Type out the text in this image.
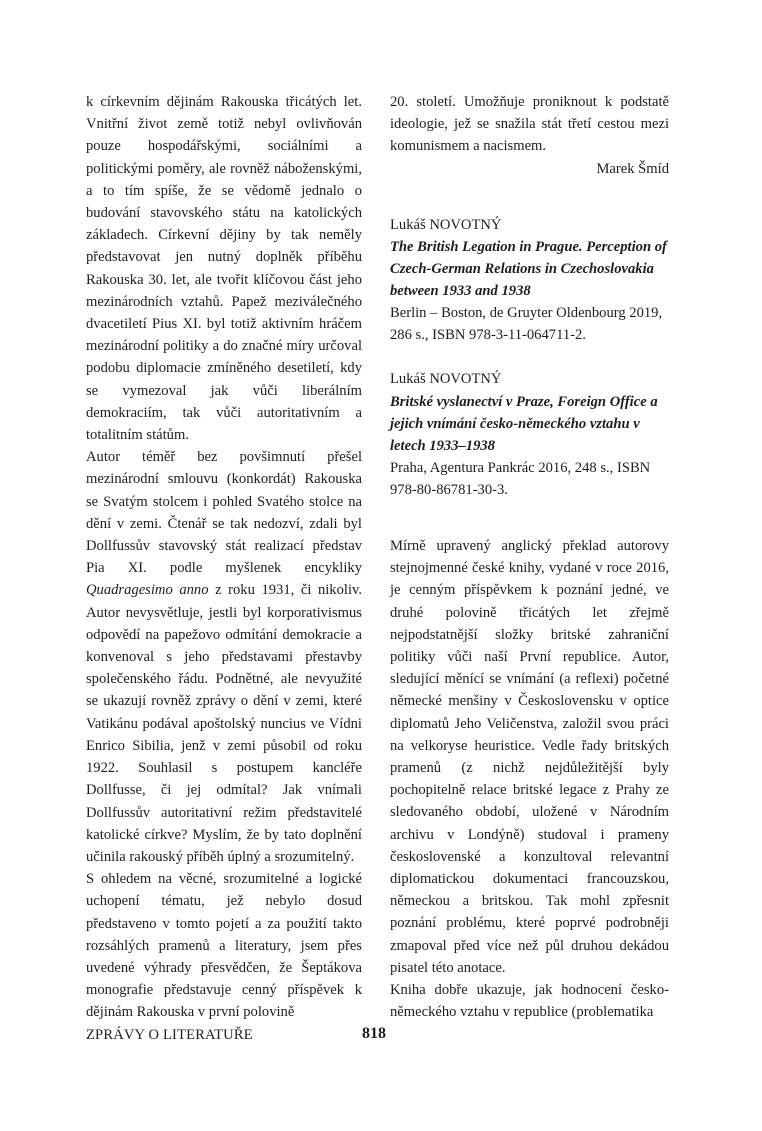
k církevním dějinám Rakouska třicátých let. Vnitřní život země totiž nebyl ovlivňován pouze hospodářskými, sociálními a politickými poměry, ale rovněž náboženskými, a to tím spíše, že se vědomě jednalo o budování stavovského státu na katolických základech. Církevní dějiny by tak neměly představovat jen nutný doplněk příběhu Rakouska 30. let, ale tvořit klíčovou část jeho mezinárodních vztahů. Papež meziválečného dvacetiletí Pius XI. byl totiž aktivním hráčem mezinárodní politiky a do značné míry určoval podobu diplomacie zmíněného desetiletí, kdy se vymezoval jak vůči liberálním demokraciím, tak vůči autoritativním a totalitním státům.

Autor téměř bez povšimnutí přešel mezinárodní smlouvu (konkordát) Rakouska se Svatým stolcem i pohled Svatého stolce na dění v zemi. Čtenář se tak nedozví, zdali byl Dollfussův stavovský stát realizací představ Pia XI. podle myšlenek encykliky Quadragesimo anno z roku 1931, či nikoliv. Autor nevysvětluje, jestli byl korporativismus odpovědí na papežovo odmítání demokracie a konvenoval s jeho představami přestavby společenského řádu. Podnětné, ale nevyužité se ukazují rovněž zprávy o dění v zemi, které Vatikánu podával apoštolský nuncius ve Vídni Enrico Sibilia, jenž v zemi působil od roku 1922. Souhlasil s postupem kancléře Dollfusse, či jej odmítal? Jak vnímali Dollfussův autoritativní režim představitelé katolické církve? Myslím, že by tato doplnění učinila rakouský příběh úplný a srozumitelný.

S ohledem na věcné, srozumitelné a logické uchopení tématu, jež nebylo dosud představeno v tomto pojetí a za použití takto rozsáhlých pramenů a literatury, jsem přes uvedené výhrady přesvědčen, že Šeptákova monografie představuje cenný příspěvek k dějinám Rakouska v první polovině

20. století. Umožňuje proniknout k podstatě ideologie, jež se snažila stát třetí cestou mezi komunismem a nacismem.

Marek Šmíd

Lukáš NOVOTNÝ
The British Legation in Prague. Perception of Czech-German Relations in Czechoslovakia between 1933 and 1938
Berlin – Boston, de Gruyter Oldenbourg 2019, 286 s., ISBN 978-3-11-064711-2.
Lukáš NOVOTNÝ
Britské vyslanectví v Praze, Foreign Office a jejich vnímání česko-německého vztahu v letech 1933–1938
Praha, Agentura Pankrác 2016, 248 s., ISBN 978-80-86781-30-3.

Mírně upravený anglický překlad autorovy stejnojmenné české knihy, vydané v roce 2016, je cenným příspěvkem k poznání jedné, ve druhé polovině třicátých let zřejmě nejpodstatnější složky britské zahraniční politiky vůči naší První republice. Autor, sledující měnící se vnímání (a reflexi) početné německé menšiny v Československu v optice diplomatů Jeho Veličenstva, založil svou práci na velkoryse heuristice. Vedle řady britských pramenů (z nichž nejdůležitější byly pochopitelně relace britské legace z Prahy ze sledovaného období, uložené v Národním archivu v Londýně) studoval i prameny československé a konzultoval relevantní diplomatickou dokumentaci francouzskou, německou a britskou. Tak mohl zpřesnit poznání problému, které poprvé podrobněji zmapoval před více než půl druhou dekádou pisatel této anotace.

Kniha dobře ukazuje, jak hodnocení česko-německého vztahu v republice (problematika

ZPRÁVY O LITERATUŘE	818
